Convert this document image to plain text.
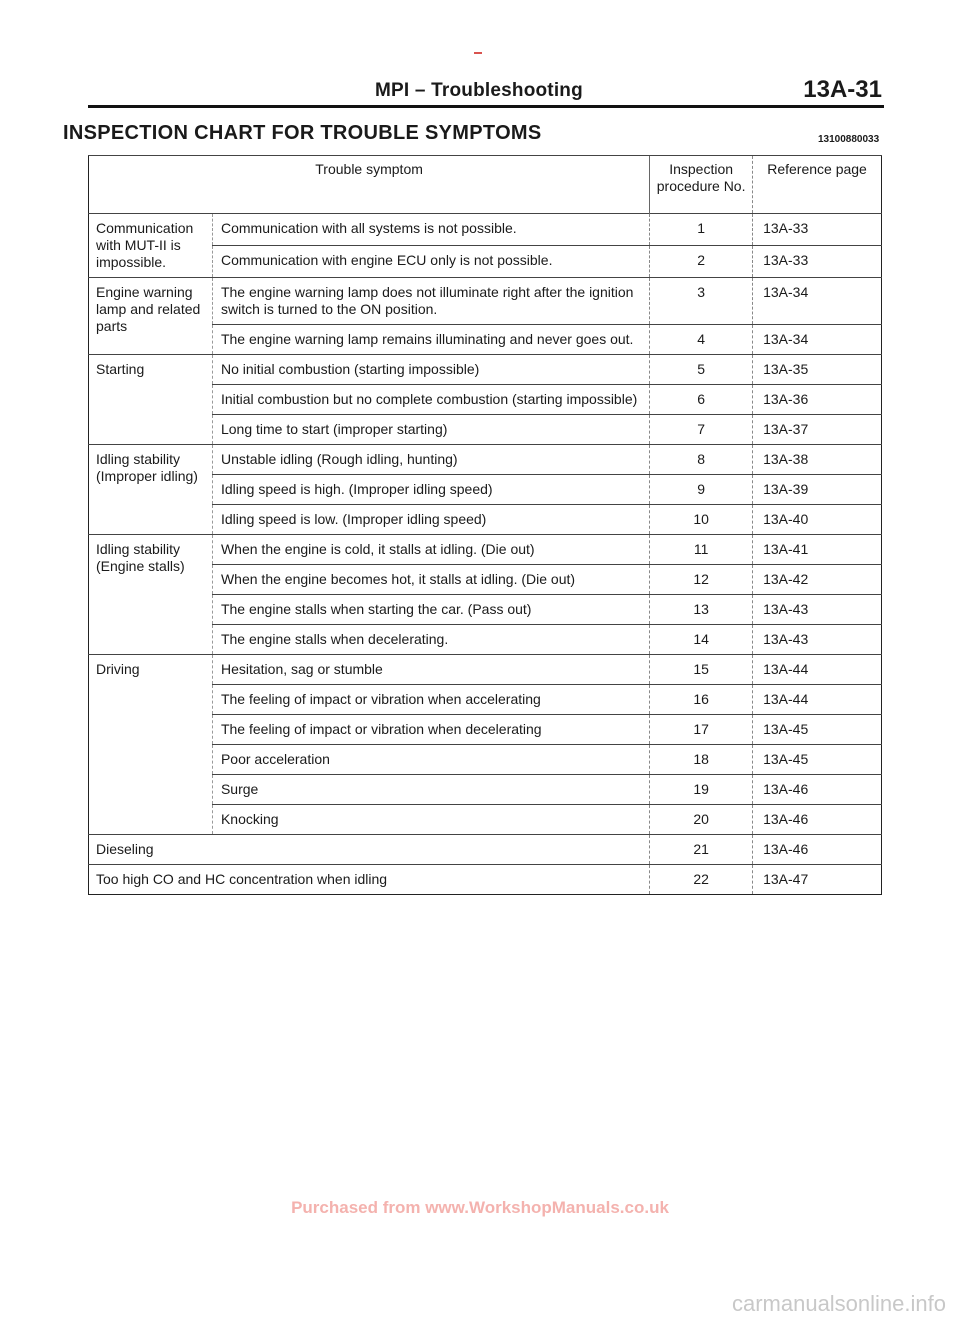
MPI – Troubleshooting	13A-31
INSPECTION CHART FOR TROUBLE SYMPTOMS	13100880033
Trouble symptom		Inspection procedure No.	Reference page
Communication with MUT-II is impossible.	Communication with all systems is not possible.	1	13A-33
	Communication with engine ECU only is not possible.	2	13A-33
Engine warning lamp and related parts	The engine warning lamp does not illuminate right after the ignition switch is turned to the ON position.	3	13A-34
	The engine warning lamp remains illuminating and never goes out.	4	13A-34
Starting	No initial combustion (starting impossible)	5	13A-35
	Initial combustion but no complete combustion (starting impossible)	6	13A-36
	Long time to start (improper starting)	7	13A-37
Idling stability (Improper idling)	Unstable idling (Rough idling, hunting)	8	13A-38
	Idling speed is high. (Improper idling speed)	9	13A-39
	Idling speed is low. (Improper idling speed)	10	13A-40
Idling stability (Engine stalls)	When the engine is cold, it stalls at idling. (Die out)	11	13A-41
	When the engine becomes hot, it stalls at idling. (Die out)	12	13A-42
	The engine stalls when starting the car. (Pass out)	13	13A-43
	The engine stalls when decelerating.	14	13A-43
Driving	Hesitation, sag or stumble	15	13A-44
	The feeling of impact or vibration when accelerating	16	13A-44
	The feeling of impact or vibration when decelerating	17	13A-45
	Poor acceleration	18	13A-45
	Surge	19	13A-46
	Knocking	20	13A-46
Dieseling		21	13A-46
Too high CO and HC concentration when idling		22	13A-47
Purchased from www.WorkshopManuals.co.uk
carmanualsonline.info
